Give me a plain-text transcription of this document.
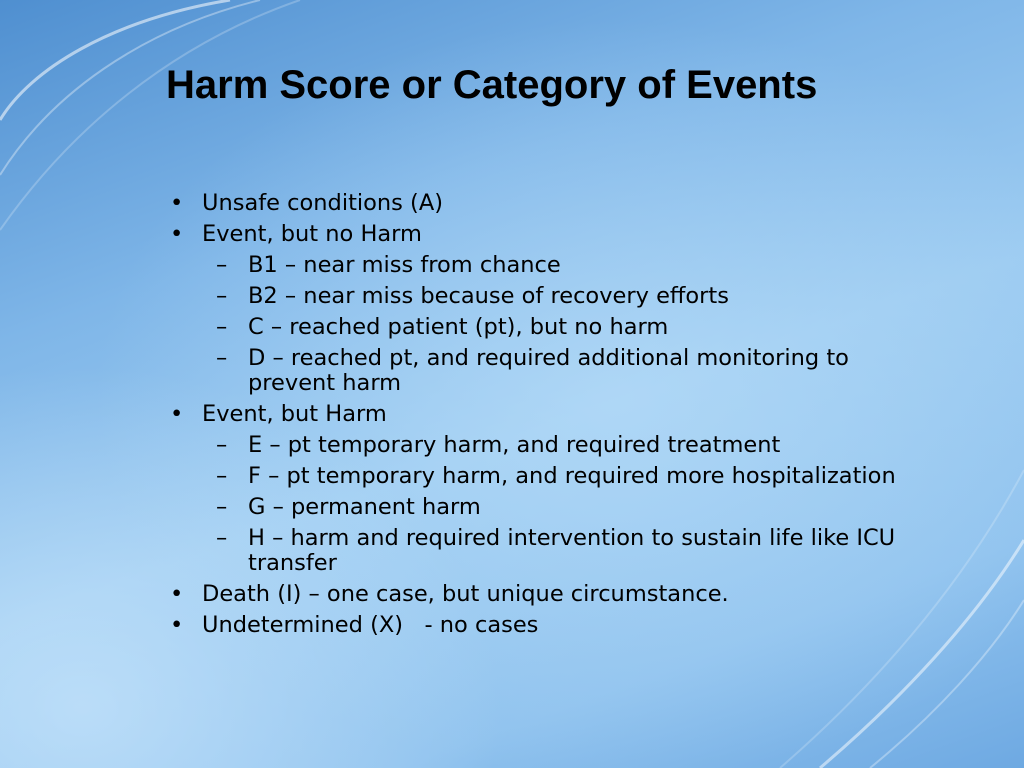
Harm Score or Category of Events
• Unsafe conditions (A)
• Event, but no Harm
– B1 – near miss from chance
– B2 – near miss because of recovery efforts
– C – reached patient (pt), but no harm
– D – reached pt, and required additional monitoring to prevent harm
• Event, but Harm
– E – pt temporary harm, and required treatment
– F – pt temporary harm, and required more hospitalization
– G – permanent harm
– H – harm and required intervention to sustain life like ICU transfer
• Death (I) – one case, but unique circumstance.
• Undetermined (X)   - no cases
